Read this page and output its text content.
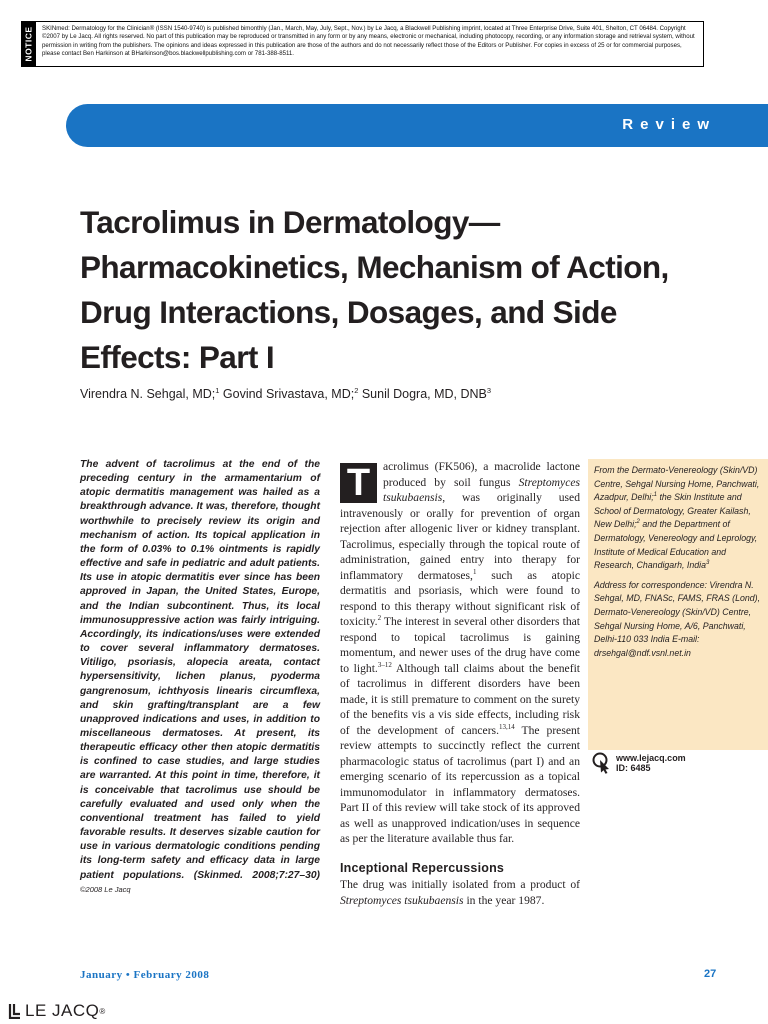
NOTICE	SKINmed: Dermatology for the Clinician® (ISSN 1540-9740) is published bimonthly (Jan., March, May, July, Sept., Nov.) by Le Jacq, a Blackwell Publishing imprint, located at Three Enterprise Drive, Suite 401, Shelton, CT 06484. Copyright ©2007 by Le Jacq. All rights reserved. No part of this publication may be reproduced or transmitted in any form or by any means, electronic or mechanical, including photocopy, recording, or any information storage and retrieval system, without permission in writing from the publishers. The opinions and ideas expressed in this publication are those of the authors and do not necessarily reflect those of the Editors or Publisher. For copies in excess of 25 or for commercial purposes, please contact Ben Harkinson at BHarkinson@bos.blackwellpublishing.com or 781-388-8511.
Review
Tacrolimus in Dermatology—
Pharmacokinetics, Mechanism of Action,
Drug Interactions, Dosages, and Side
Effects: Part I
Virendra N. Sehgal, MD;$^1$ Govind Srivastava, MD;$^2$ Sunil Dogra, MD, DNB$^3$
The advent of tacrolimus at the end of the preceding century in the armamentarium of atopic dermatitis management was hailed as a breakthrough advance. It was, therefore, thought worthwhile to precisely review its origin and mechanism of action. Its topical application in the form of 0.03% to 0.1% ointments is rapidly effective and safe in pediatric and adult patients. Its use in atopic dermatitis ever since has been approved in Japan, the United States, Europe, and the Indian subcontinent. Thus, its local immunosuppressive action was fairly intriguing. Accordingly, its indications/uses were extended to cover several inflammatory dermatoses. Vitiligo, psoriasis, alopecia areata, contact hypersensitivity, lichen planus, pyoderma gangrenosum, ichthyosis linearis circumflexa, and skin grafting/transplant are a few unapproved indications and uses, in addition to miscellaneous dermatoses. At present, its therapeutic efficacy other then atopic dermatitis is confined to case studies, and large studies are warranted. At this point in time, therefore, it is conceivable that tacrolimus use should be carefully evaluated and used only when the conventional treatment has failed to yield favorable results. It deserves sizable caution for use in various dermatologic conditions pending its long-term safety and efficacy data in large patient populations. (Skinmed. 2008;7:27–30) ©2008 Le Jacq

T	acrolimus (FK506), a macrolide lactone produced by soil fungus Streptomyces tsukubaensis, was originally used intravenously or orally for prevention of organ rejection after allogenic liver or kidney transplant. Tacrolimus, especially through the topical route of administration, gained entry into therapy for inflammatory dermatoses,$^1$ such as atopic dermatitis and psoriasis, which were found to respond to this therapy without significant risk of toxicity.$^2$ The interest in several other disorders that respond to topical tacrolimus is gaining momentum, and newer uses of the drug have come to light.$^{3-12}$ Although tall claims about the benefit of tacrolimus in different disorders have been made, it is still premature to comment on the surety of the benefits vis a vis side effects, including risk of the development of cancers.$^{13,14}$ The present review attempts to succinctly reflect the current pharmacologic status of tacrolimus (part I) and an emerging scenario of its repercussion as a topical immunomodulator in inflammatory dermatoses. Part II of this review will take stock of its approved as well as unapproved indication/uses in sequence as per the literature available thus far.

Inceptional Repercussions

The drug was initially isolated from a product of Streptomyces tsukubaensis in the year 1987.

From the Dermato-Venereology (Skin/VD) Centre, Sehgal Nursing Home, Panchwati, Azadpur, Delhi;$^1$ the Skin Institute and School of Dermatology, Greater Kailash, New Delhi;$^2$ and the Department of Dermatology, Venereology and Leprology, Institute of Medical Education and Research, Chandigarh, India$^3$

Address for correspondence: Virendra N. Sehgal, MD, FNASc, FAMS, FRAS (Lond), Dermato-Venereology (Skin/VD) Centre, Sehgal Nursing Home, A/6, Panchwati, Delhi-110 033 India E-mail: drsehgal@ndf.vsnl.net.in

www.lejacq.com
ID: 6485
January • February 2008	27
LE JACQ ®
